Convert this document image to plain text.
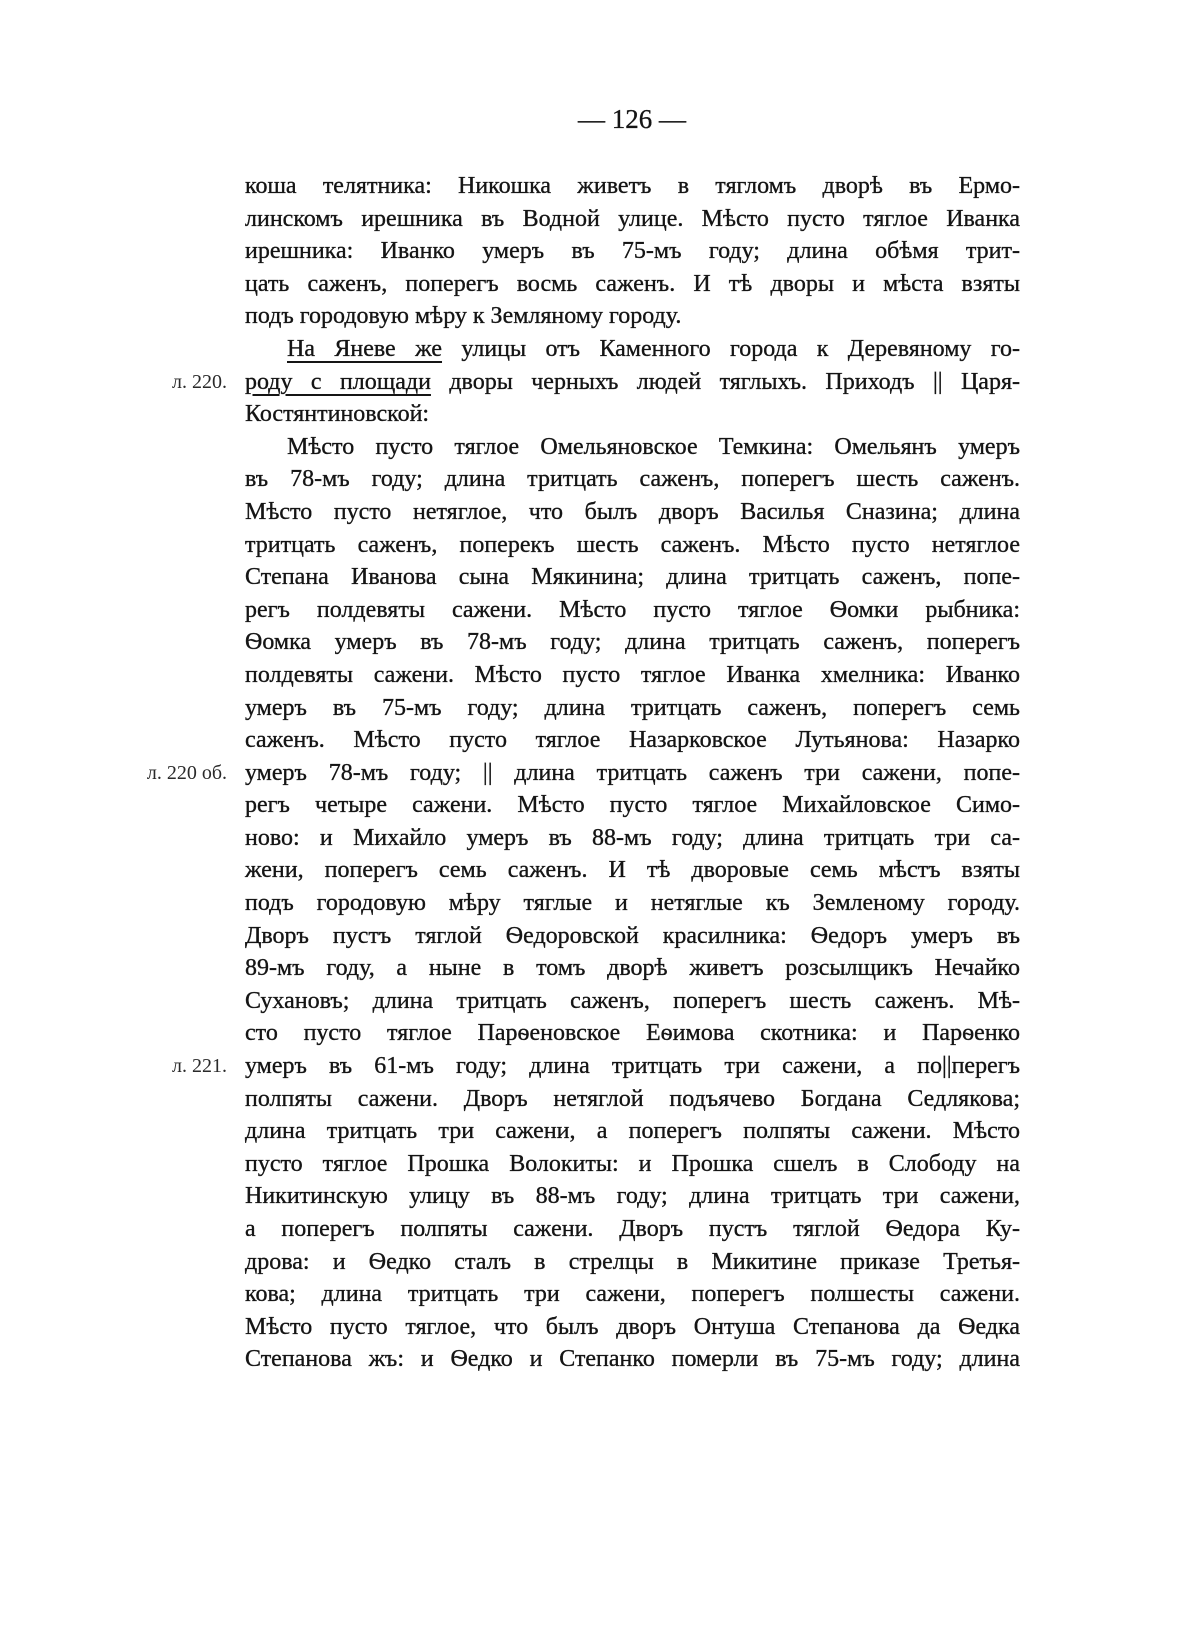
— 126 —
коша телятника: Никошка живетъ в тягломъ дворѣ въ Ермо-
линскомъ ирешника въ Водной улице. Мѣсто пусто тяглое Иванка
ирешника: Иванко умеръ въ 75-мъ году; длина обѣмя трит-
цать саженъ, поперегъ восмь саженъ. И тѣ дворы и мѣста взяты
подъ городовую мѣру к Земляному городу.
На Яневе же улицы отъ Каменного города к Деревяному го-
л. 220. роду с площади дворы черныхъ людей тяглыхъ. Приходъ || Царя-
Костянтиновской:
Мѣсто пусто тяглое Омельяновское Темкина: Омельянъ умеръ
въ 78-мъ году; длина тритцать саженъ, поперегъ шесть саженъ.
Мѣсто пусто нетяглое, что былъ дворъ Василья Сназина; длина
тритцать саженъ, поперекъ шесть саженъ. Мѣсто пусто нетяглое
Степана Иванова сына Мякинина; длина тритцать саженъ, попе-
регъ полдевяты сажени. Мѣсто пусто тяглое Ѳомки рыбника:
Ѳомка умеръ въ 78-мъ году; длина тритцать саженъ, поперегъ
полдевяты сажени. Мѣсто пусто тяглое Иванка хмелника: Иванко
умеръ въ 75-мъ году; длина тритцать саженъ, поперегъ семь
саженъ. Мѣсто пусто тяглое Назарковское Лутьянова: Назарко
л. 220 об. умеръ 78-мъ году; || длина тритцать саженъ три сажени, попе-
регъ четыре сажени. Мѣсто пусто тяглое Михайловское Симо-
ново: и Михайло умеръ въ 88-мъ году; длина тритцать три са-
жени, поперегъ семь саженъ. И тѣ дворовые семь мѣстъ взяты
подъ городовую мѣру тяглые и нетяглые къ Земленому городу.
Дворъ пустъ тяглой Ѳедоровской красилника: Ѳедоръ умеръ въ
89-мъ году, а ныне в томъ дворѣ живетъ розсылщикъ Нечайко
Сухановъ; длина тритцать саженъ, поперегъ шесть саженъ. Мѣ-
сто пусто тяглое Парѳеновское Еѳимова скотника: и Парѳенко
л. 221. умеръ въ 61-мъ году; длина тритцать три сажени, а по||перегъ
полпяты сажени. Дворъ нетяглой подъячево Богдана Седлякова;
длина тритцать три сажени, а поперегъ полпяты сажени. Мѣсто
пусто тяглое Прошка Волокиты: и Прошка сшелъ в Слободу на
Никитинскую улицу въ 88-мъ году; длина тритцать три сажени,
а поперегъ полпяты сажени. Дворъ пустъ тяглой Ѳедора Ку-
дрова: и Ѳедко сталъ в стрелцы в Микитине приказе Третья-
кова; длина тритцать три сажени, поперегъ полшесты сажени.
Мѣсто пусто тяглое, что былъ дворъ Онтуша Степанова да Ѳедка
Степанова жъ: и Ѳедко и Степанко померли въ 75-мъ году; длина
